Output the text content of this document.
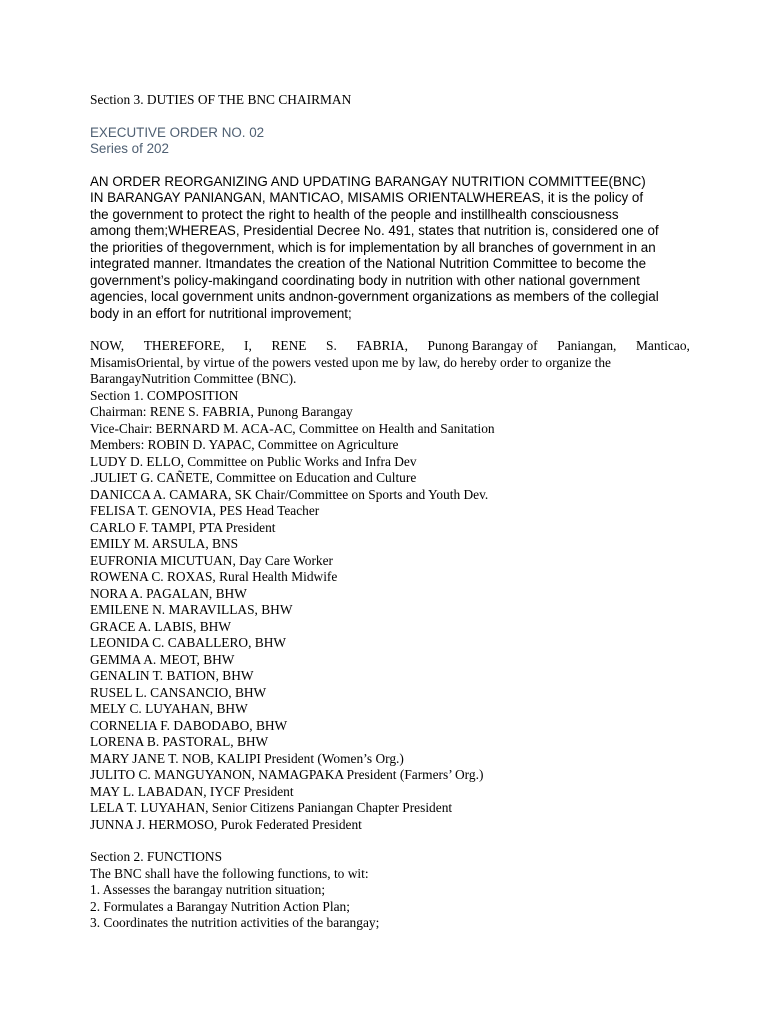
Section 3. DUTIES OF THE BNC CHAIRMAN
EXECUTIVE ORDER NO. 02
Series of 202
AN ORDER REORGANIZING AND UPDATING BARANGAY NUTRITION COMMITTEE(BNC)
IN BARANGAY PANIANGAN, MANTICAO, MISAMIS ORIENTALWHEREAS, it is the policy of
the government to protect the right to health of the people and instillhealth consciousness
among them;WHEREAS, Presidential Decree No. 491, states that nutrition is, considered one of
the priorities of thegovernment, which is for implementation by all branches of government in an
integrated manner. Itmandates the creation of the National Nutrition Committee to become the
government’s policy-makingand coordinating body in nutrition with other national government
agencies, local government units andnon-government organizations as members of the collegial
body in an effort for nutritional improvement;
NOW, THEREFORE, I, RENE S. FABRIA, Punong Barangay of Paniangan, Manticao,
MisamisOriental, by virtue of the powers vested upon me by law, do hereby order to organize the
BarangayNutrition Committee (BNC).
Section 1. COMPOSITION
Chairman: RENE S. FABRIA, Punong Barangay
Vice-Chair: BERNARD M. ACA-AC, Committee on Health and Sanitation
Members: ROBIN D. YAPAC, Committee on Agriculture
LUDY D. ELLO, Committee on Public Works and Infra Dev
.JULIET G. CAÑETE, Committee on Education and Culture
DANICCA A. CAMARA, SK Chair/Committee on Sports and Youth Dev.
FELISA T. GENOVIA, PES Head Teacher
CARLO F. TAMPI, PTA President
EMILY M. ARSULA, BNS
EUFRONIA MICUTUAN, Day Care Worker
ROWENA C. ROXAS, Rural Health Midwife
NORA A. PAGALAN, BHW
EMILENE N. MARAVILLAS, BHW
GRACE A. LABIS, BHW
LEONIDA C. CABALLERO, BHW
GEMMA A. MEOT, BHW
GENALIN T. BATION, BHW
RUSEL L. CANSANCIO, BHW
MELY C. LUYAHAN, BHW
CORNELIA F. DABODABO, BHW
LORENA B. PASTORAL, BHW
MARY JANE T. NOB, KALIPI President (Women’s Org.)
JULITO C. MANGUYANON, NAMAGPAKA President (Farmers’ Org.)
MAY L. LABADAN, IYCF President
LELA T. LUYAHAN, Senior Citizens Paniangan Chapter President
JUNNA J. HERMOSO, Purok Federated President
Section 2. FUNCTIONS
The BNC shall have the following functions, to wit:
1. Assesses the barangay nutrition situation;
2. Formulates a Barangay Nutrition Action Plan;
3. Coordinates the nutrition activities of the barangay;
